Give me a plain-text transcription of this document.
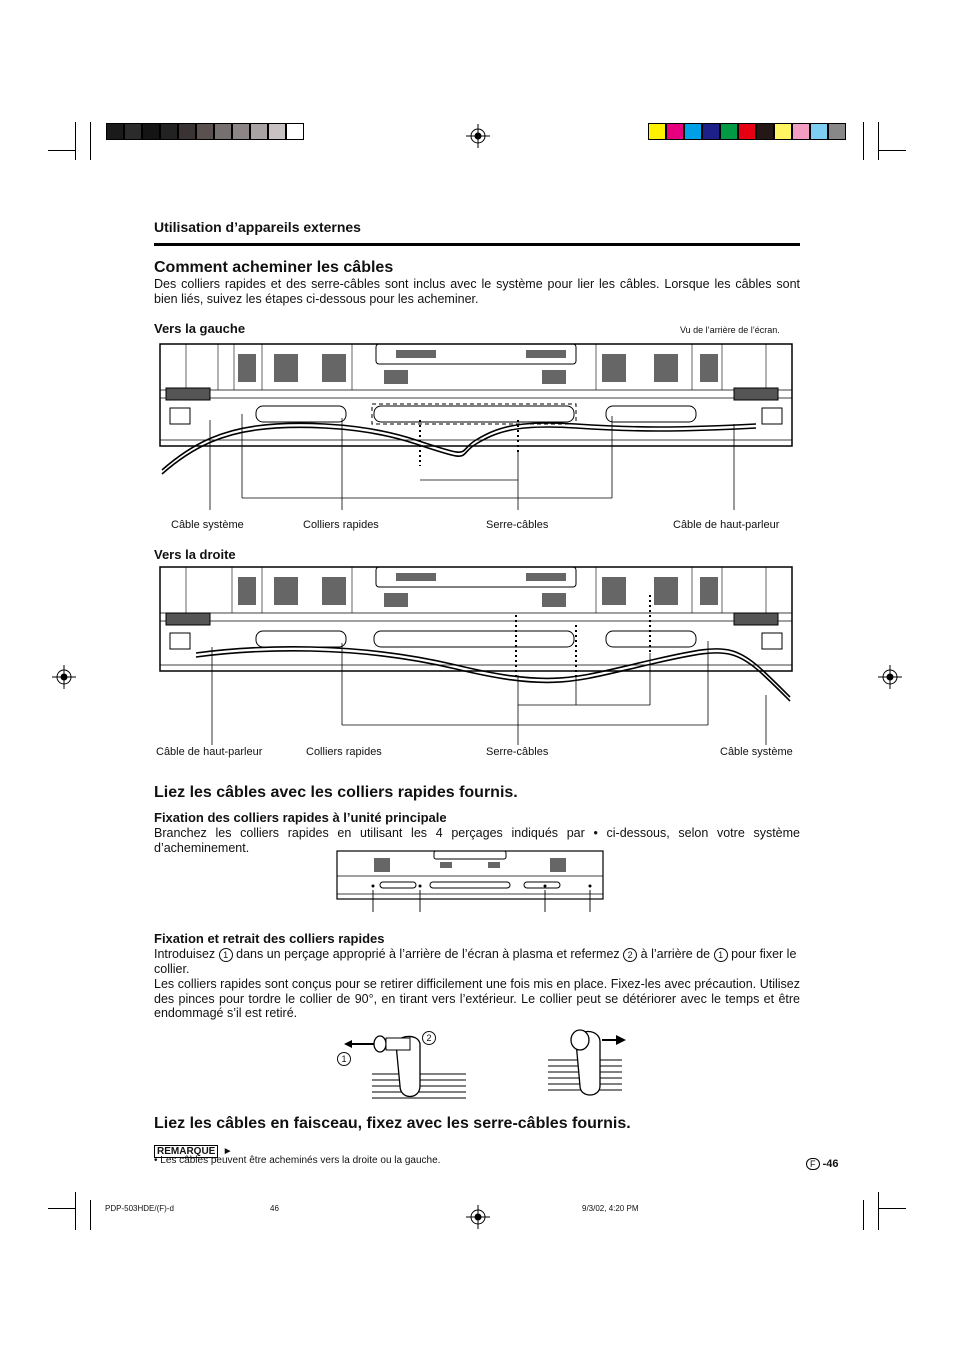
Utilisation d’appareils externes
Comment acheminer les câbles
Des colliers rapides et des serre-câbles sont inclus avec le système pour lier les câbles. Lorsque les câbles sont bien liés, suivez les étapes ci-dessous pour les acheminer.
Vers la gauche	Vu de l’arrière de l’écran.
Câble système	Colliers rapides	Serre-câbles	Câble de haut-parleur
Vers la droite
Câble de haut-parleur	Colliers rapides	Serre-câbles	Câble système
Liez les câbles avec les colliers rapides fournis.
Fixation des colliers rapides à l’unité principale
Branchez les colliers rapides en utilisant les 4 perçages indiqués par • ci-dessous, selon votre système d’acheminement.
Fixation et retrait des colliers rapides
Introduisez 1 dans un perçage approprié à l’arrière de l’écran à plasma et refermez 2 à l’arrière de 1 pour fixer le collier.
Les colliers rapides sont conçus pour se retirer difficilement une fois mis en place. Fixez-les avec précaution. Utilisez des pinces pour tordre le collier de 90°, en tirant vers l’extérieur. Le collier peut se détériorer avec le temps et être endommagé s’il est retiré.
1
2
Liez les câbles en faisceau, fixez avec les serre-câbles fournis.
REMARQUE ►
• Les câbles peuvent être acheminés vers la droite ou la gauche.	F -46
PDP-503HDE/(F)-d	46	9/3/02, 4:20 PM
